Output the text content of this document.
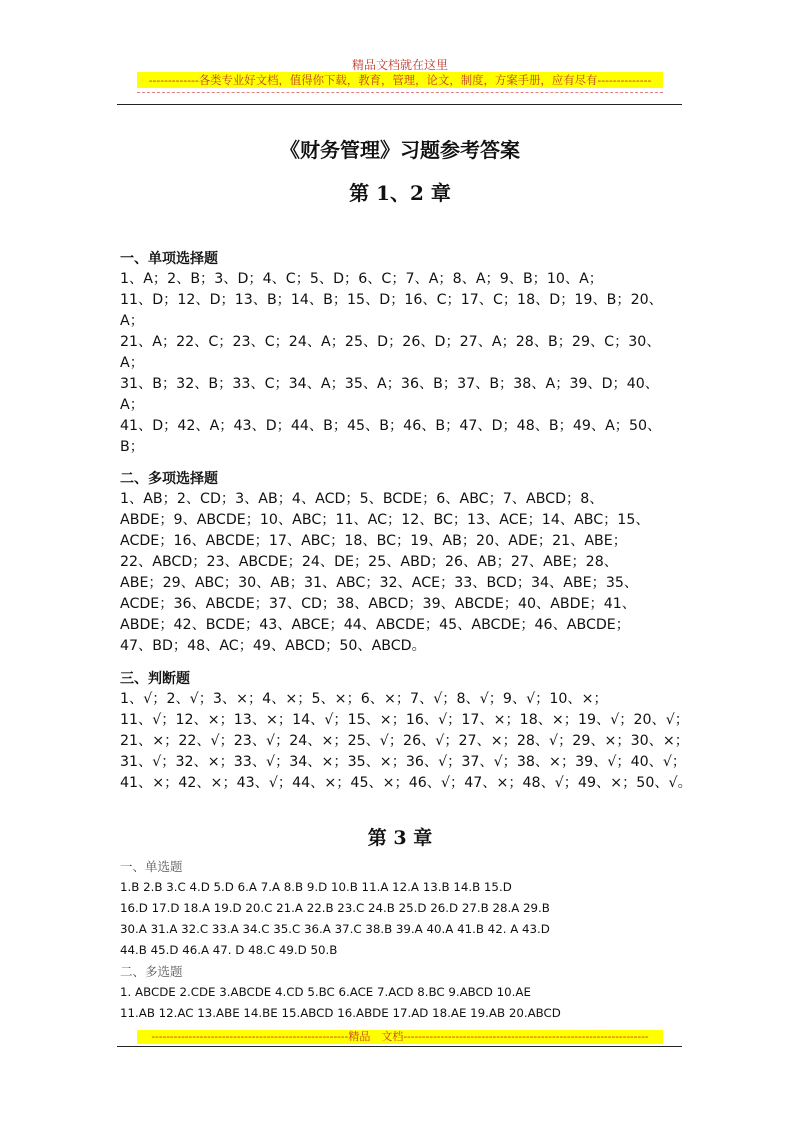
精品文档就在这里
-------------各类专业好文档，值得你下载，教育，管理，论文，制度，方案手册，应有尽有--------------
《财务管理》习题参考答案
第 1、2 章
一、单项选择题
1、A；2、B；3、D；4、C；5、D；6、C；7、A；8、A；9、B；10、A；
11、D；12、D；13、B；14、B；15、D；16、C；17、C；18、D；19、B；20、
A；
21、A；22、C；23、C；24、A；25、D；26、D；27、A；28、B；29、C；30、
A；
31、B；32、B；33、C；34、A；35、A；36、B；37、B；38、A；39、D；40、
A；
41、D；42、A；43、D；44、B；45、B；46、B；47、D；48、B；49、A；50、
B；
二、多项选择题
1、AB；2、CD；3、AB；4、ACD；5、BCDE；6、ABC；7、ABCD；8、
ABDE；9、ABCDE；10、ABC；11、AC；12、BC；13、ACE；14、ABC；15、
ACDE；16、ABCDE；17、ABC；18、BC；19、AB；20、ADE；21、ABE；
22、ABCD；23、ABCDE；24、DE；25、ABD；26、AB；27、ABE；28、
ABE；29、ABC；30、AB；31、ABC；32、ACE；33、BCD；34、ABE；35、
ACDE；36、ABCDE；37、CD；38、ABCD；39、ABCDE；40、ABDE；41、
ABDE；42、BCDE；43、ABCE；44、ABCDE；45、ABCDE；46、ABCDE；
47、BD；48、AC；49、ABCD；50、ABCD。
三、判断题
1、√；2、√；3、×；4、×；5、×；6、×；7、√；8、√；9、√；10、×；
11、√；12、×；13、×；14、√；15、×；16、√；17、×；18、×；19、√；20、√；
21、×；22、√；23、√；24、×；25、√；26、√；27、×；28、√；29、×；30、×；
31、√；32、×；33、√；34、×；35、×；36、√；37、√；38、×；39、√；40、√；
41、×；42、×；43、√；44、×；45、×；46、√；47、×；48、√；49、×；50、√。
第 3 章
一、单选题
1.B 2.B 3.C 4.D 5.D 6.A 7.A 8.B 9.D 10.B 11.A 12.A 13.B 14.B 15.D
16.D 17.D 18.A 19.D 20.C 21.A 22.B 23.C 24.B 25.D 26.D 27.B 28.A 29.B
30.A 31.A 32.C 33.A 34.C 35.C 36.A 37.C 38.B 39.A 40.A 41.B 42. A 43.D
44.B 45.D 46.A 47. D 48.C 49.D 50.B
二、多选题
1. ABCDE 2.CDE 3.ABCDE 4.CD 5.BC 6.ACE 7.ACD 8.BC 9.ABCD 10.AE
11.AB 12.AC 13.ABE 14.BE 15.ABCD 16.ABDE 17.AD 18.AE 19.AB 20.ABCD
-----------------------------------------------------精品　文档------------------------------------------------------------------
